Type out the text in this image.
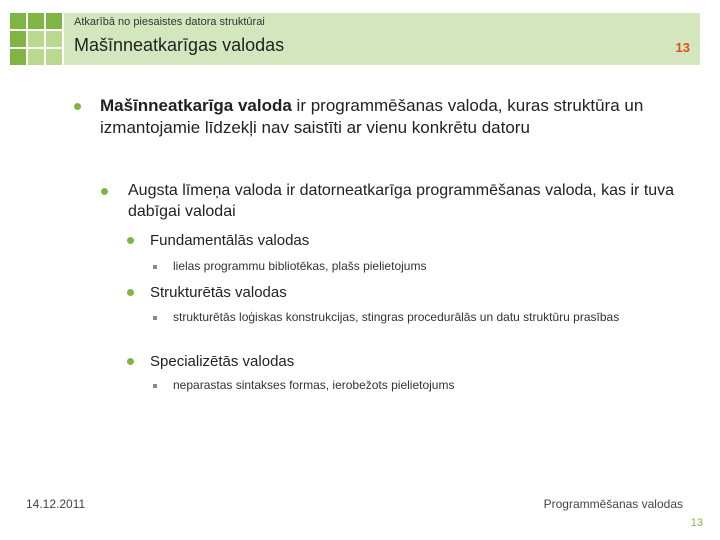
Atkarībā no piesaistes datora struktūrai
Mašīnneatkarīgas valodas	13
Mašīnneatkarīga valoda ir programmēšanas valoda, kuras struktūra un izmantojamie līdzekļi nav saistīti ar vienu konkrētu datoru
Augsta līmeņa valoda ir datorneatkarīga programmēšanas valoda, kas ir tuva dabīgai valodai
Fundamentālās valodas
lielas programmu bibliotēkas, plašs pielietojums
Strukturētās valodas
strukturētās loģiskas konstrukcijas, stingras procedurālās un datu struktūru prasības
Specializētās valodas
neparastas sintakses formas, ierobežots pielietojums
14.12.2011	Programmēšanas valodas
13
